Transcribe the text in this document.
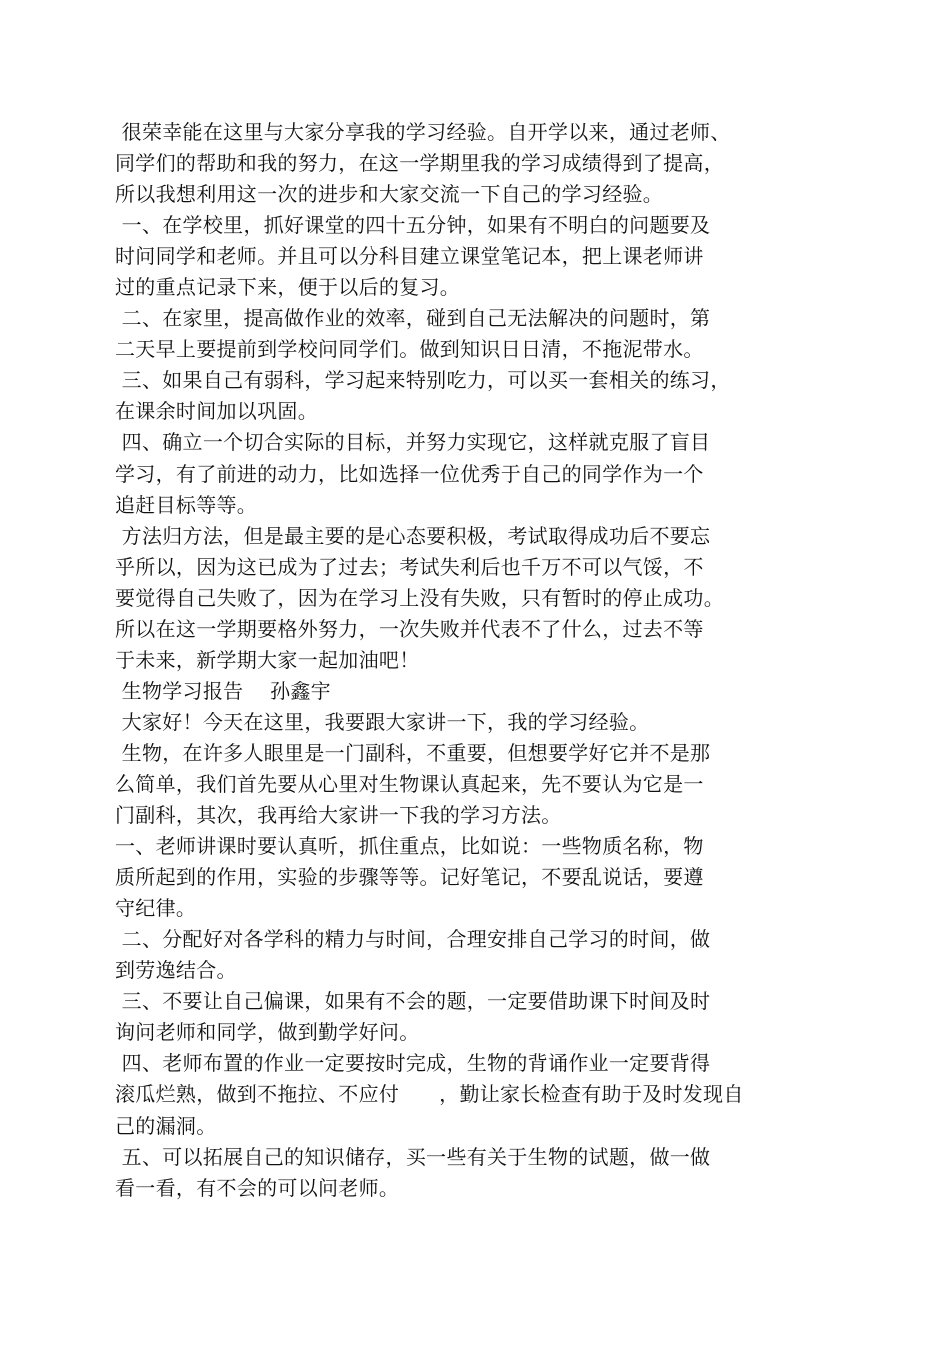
很荣幸能在这里与大家分享我的学习经验。自开学以来，通过老师、
同学们的帮助和我的努力，在这一学期里我的学习成绩得到了提高，
所以我想利用这一次的进步和大家交流一下自己的学习经验。
一、在学校里，抓好课堂的四十五分钟，如果有不明白的问题要及
时问同学和老师。并且可以分科目建立课堂笔记本，把上课老师讲
过的重点记录下来，便于以后的复习。
二、在家里，提高做作业的效率，碰到自己无法解决的问题时，第
二天早上要提前到学校问同学们。做到知识日日清，不拖泥带水。
三、如果自己有弱科，学习起来特别吃力，可以买一套相关的练习，
在课余时间加以巩固。
四、确立一个切合实际的目标，并努力实现它，这样就克服了盲目
学习，有了前进的动力，比如选择一位优秀于自己的同学作为一个
追赶目标等等。
方法归方法，但是最主要的是心态要积极，考试取得成功后不要忘
乎所以，因为这已成为了过去；考试失利后也千万不可以气馁，不
要觉得自己失败了，因为在学习上没有失败，只有暂时的停止成功。
所以在这一学期要格外努力，一次失败并代表不了什么，过去不等
于未来，新学期大家一起加油吧！
生物学习报告    孙鑫宇
大家好！今天在这里，我要跟大家讲一下，我的学习经验。
生物，在许多人眼里是一门副科，不重要，但想要学好它并不是那
么简单，我们首先要从心里对生物课认真起来，先不要认为它是一
门副科，其次，我再给大家讲一下我的学习方法。
一、老师讲课时要认真听，抓住重点，比如说：一些物质名称，物
质所起到的作用，实验的步骤等等。记好笔记，不要乱说话，要遵
守纪律。
二、分配好对各学科的精力与时间，合理安排自己学习的时间，做
到劳逸结合。
三、不要让自己偏课，如果有不会的题，一定要借助课下时间及时
询问老师和同学，做到勤学好问。
四、老师布置的作业一定要按时完成，生物的背诵作业一定要背得
滚瓜烂熟，做到不拖拉、不应付      ，勤让家长检查有助于及时发现自
己的漏洞。
五、可以拓展自己的知识储存，买一些有关于生物的试题，做一做
看一看，有不会的可以问老师。
